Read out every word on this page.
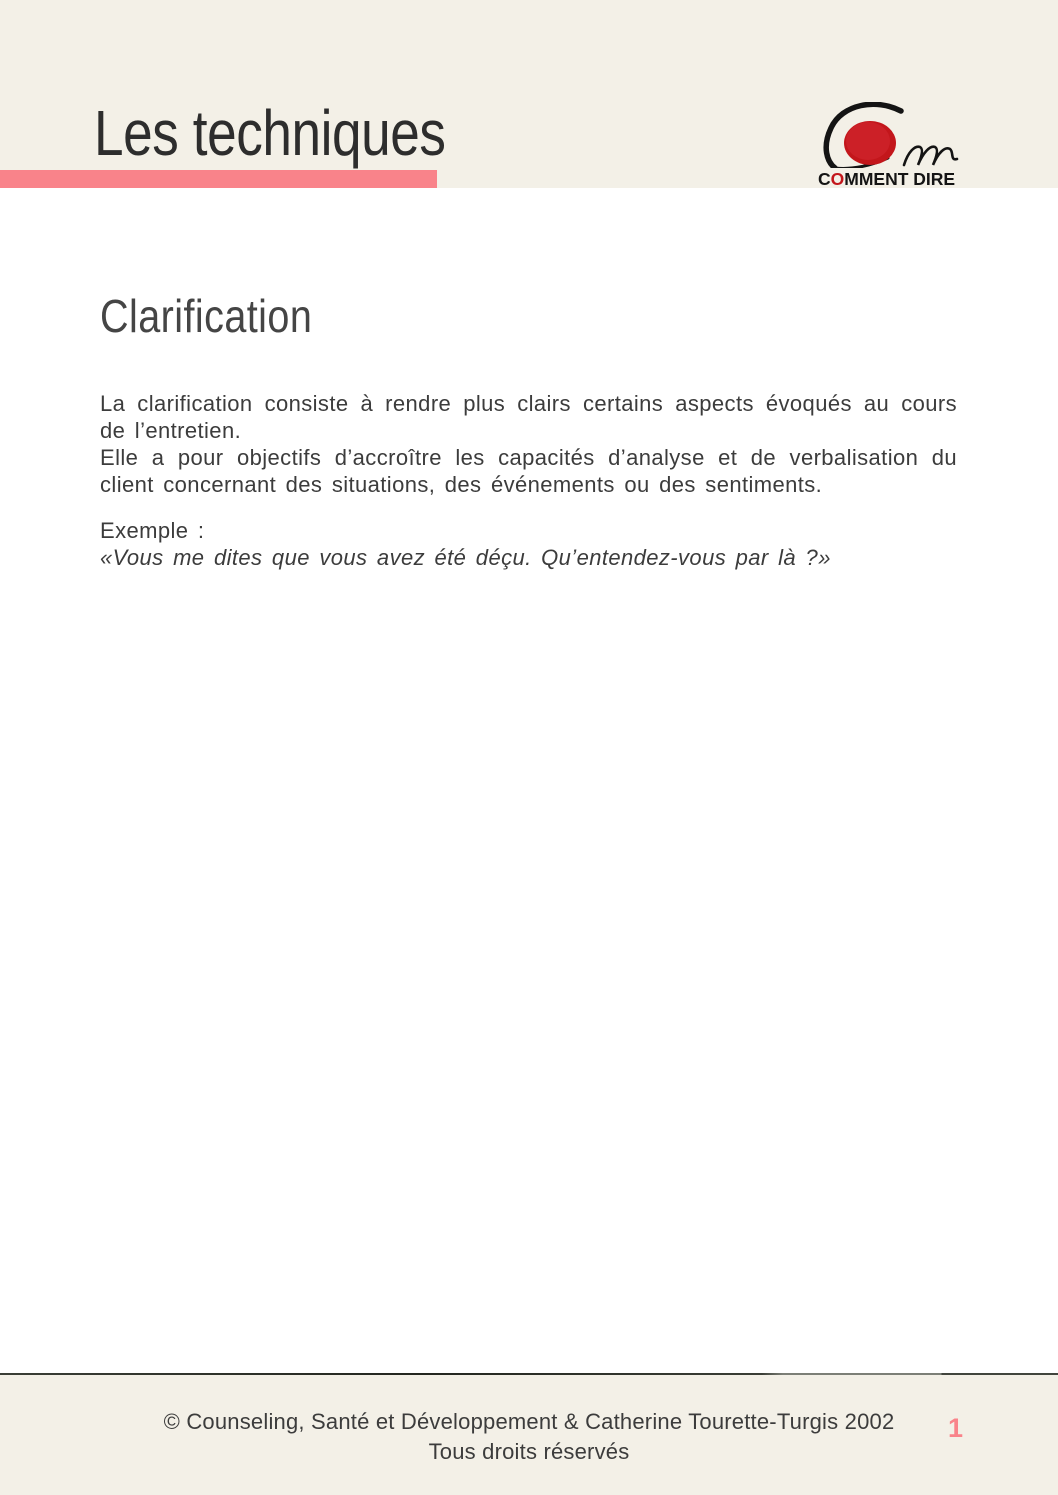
Les techniques
COMMENT DIRE
Clarification
La clarification consiste à rendre plus clairs certains aspects évoqués au cours
de l’entretien.
Elle a pour objectifs d’accroître les capacités d’analyse et de verbalisation du
client concernant des situations, des événements ou des sentiments.
Exemple :
«Vous me dites que vous avez été déçu. Qu’entendez-vous par là ?»
© Counseling, Santé et Développement & Catherine Tourette-Turgis 2002
Tous droits réservés
1
